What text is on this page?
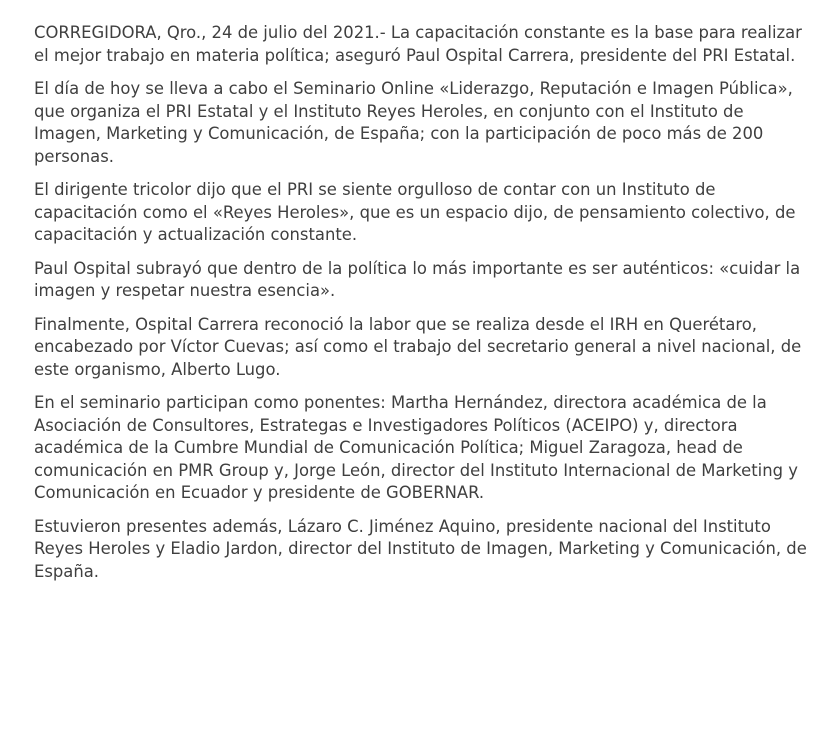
CORREGIDORA, Qro., 24 de julio del 2021.- La capacitación constante es la base para realizar el mejor trabajo en materia política; aseguró Paul Ospital Carrera, presidente del PRI Estatal.

El día de hoy se lleva a cabo el Seminario Online «Liderazgo, Reputación e Imagen Pública», que organiza el PRI Estatal y el Instituto Reyes Heroles, en conjunto con el Instituto de Imagen, Marketing y Comunicación, de España; con la participación de poco más de 200 personas.

El dirigente tricolor dijo que el PRI se siente orgulloso de contar con un Instituto de capacitación como el «Reyes Heroles», que es un espacio dijo, de pensamiento colectivo, de capacitación y actualización constante.

Paul Ospital subrayó que dentro de la política lo más importante es ser auténticos: «cuidar la imagen y respetar nuestra esencia».

Finalmente, Ospital Carrera reconoció la labor que se realiza desde el IRH en Querétaro, encabezado por Víctor Cuevas; así como el trabajo del secretario general a nivel nacional, de este organismo, Alberto Lugo.

En el seminario participan como ponentes: Martha Hernández, directora académica de la Asociación de Consultores, Estrategas e Investigadores Políticos (ACEIPO) y, directora académica de la Cumbre Mundial de Comunicación Política; Miguel Zaragoza, head de comunicación en PMR Group y, Jorge León, director del Instituto Internacional de Marketing y Comunicación en Ecuador y presidente de GOBERNAR.

Estuvieron presentes además, Lázaro C. Jiménez Aquino, presidente nacional del Instituto Reyes Heroles y Eladio Jardon, director del Instituto de Imagen, Marketing y Comunicación, de España.
